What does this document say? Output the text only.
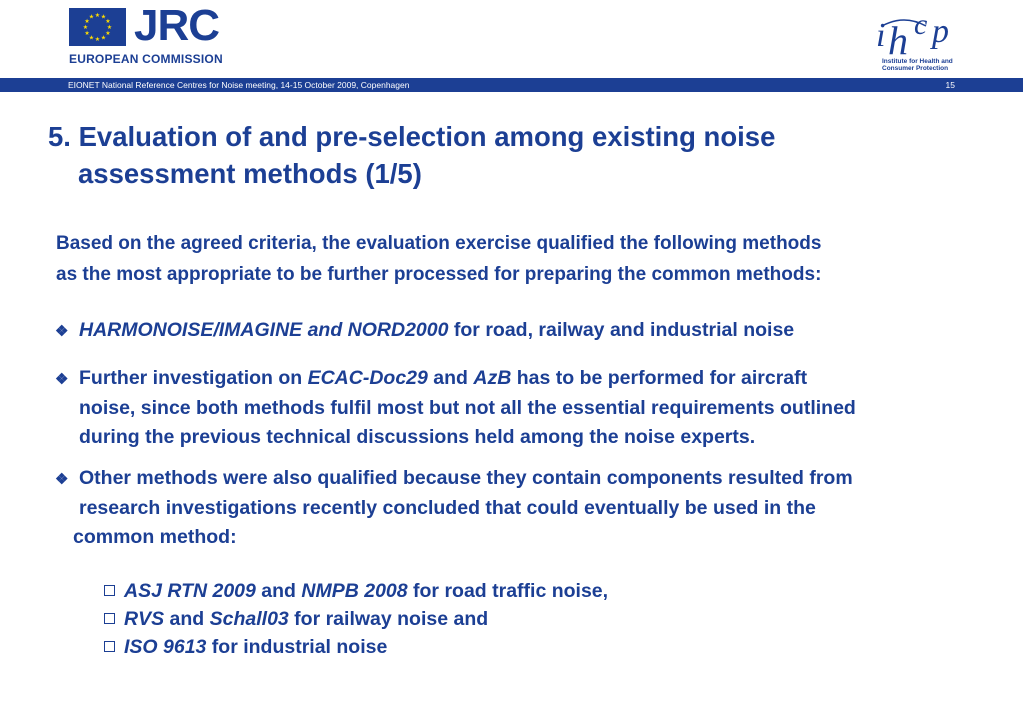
★ ★
★
★
★
★
★
★
★
★
★
★ JRC
EUROPEAN COMMISSION
i h c p
Institute for Health and Consumer Protection
EIONET National Reference Centres for Noise meeting, 14-15 October 2009, Copenhagen	15
5. Evaluation of and pre-selection among existing noise
assessment methods (1/5)
Based on the agreed criteria, the evaluation exercise qualified the following methods
as the most appropriate to be further processed for preparing the common methods:
❖ HARMONOISE/IMAGINE and NORD2000 for road, railway and industrial noise
❖ Further investigation on ECAC-Doc29 and AzB has to be performed for aircraft
noise, since both methods fulfil most but not all the essential requirements outlined
during the previous technical discussions held among the noise experts.
❖ Other methods were also qualified because they contain components resulted from
research investigations recently concluded that could eventually be used in the
common method:
ASJ RTN 2009 and NMPB 2008 for road traffic noise,
RVS and Schall03 for railway noise and
ISO 9613 for industrial noise
